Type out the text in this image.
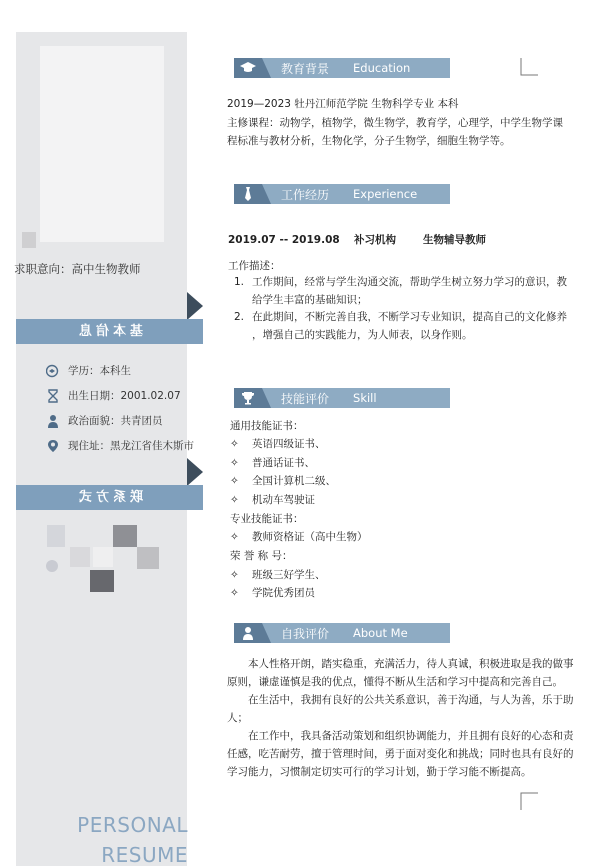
求职意向：高中生物教师
基本信息
学历：本科生
出生日期：2001.02.07
政治面貌：共青团员
现住址：黑龙江省佳木斯市
联系方式
PERSONAL
RESUME
教育背景 Education
2019—2023 牡丹江师范学院 生物科学专业 本科
主修课程：动物学，植物学，微生物学，教育学，心理学，中学生物学课
程标准与教材分析，生物化学，分子生物学，细胞生物学等。
工作经历 Experience
2019.07 -- 2019.08 补习机构	生物辅导教师
工作描述：
1. 工作期间，经常与学生沟通交流，帮助学生树立努力学习的意识，教
给学生丰富的基础知识；
2. 在此期间，不断完善自我，不断学习专业知识，提高自己的文化修养
，增强自己的实践能力，为人师表，以身作则。
技能评价 Skill
通用技能证书：
✧ 英语四级证书、
✧ 普通话证书、
✧ 全国计算机二级、
✧ 机动车驾驶证
专业技能证书：
✧ 教师资格证（高中生物）
荣 誉 称 号：
✧ 班级三好学生、
✧ 学院优秀团员
自我评价 About Me
本人性格开朗，踏实稳重，充满活力，待人真诚，积极进取是我的做事
原则，谦虚谨慎是我的优点，懂得不断从生活和学习中提高和完善自己。
在生活中，我拥有良好的公共关系意识，善于沟通，与人为善，乐于助
人；
在工作中，我具备活动策划和组织协调能力，并且拥有良好的心态和责
任感，吃苦耐劳，擅于管理时间，勇于面对变化和挑战；同时也具有良好的
学习能力，习惯制定切实可行的学习计划，勤于学习能不断提高。
